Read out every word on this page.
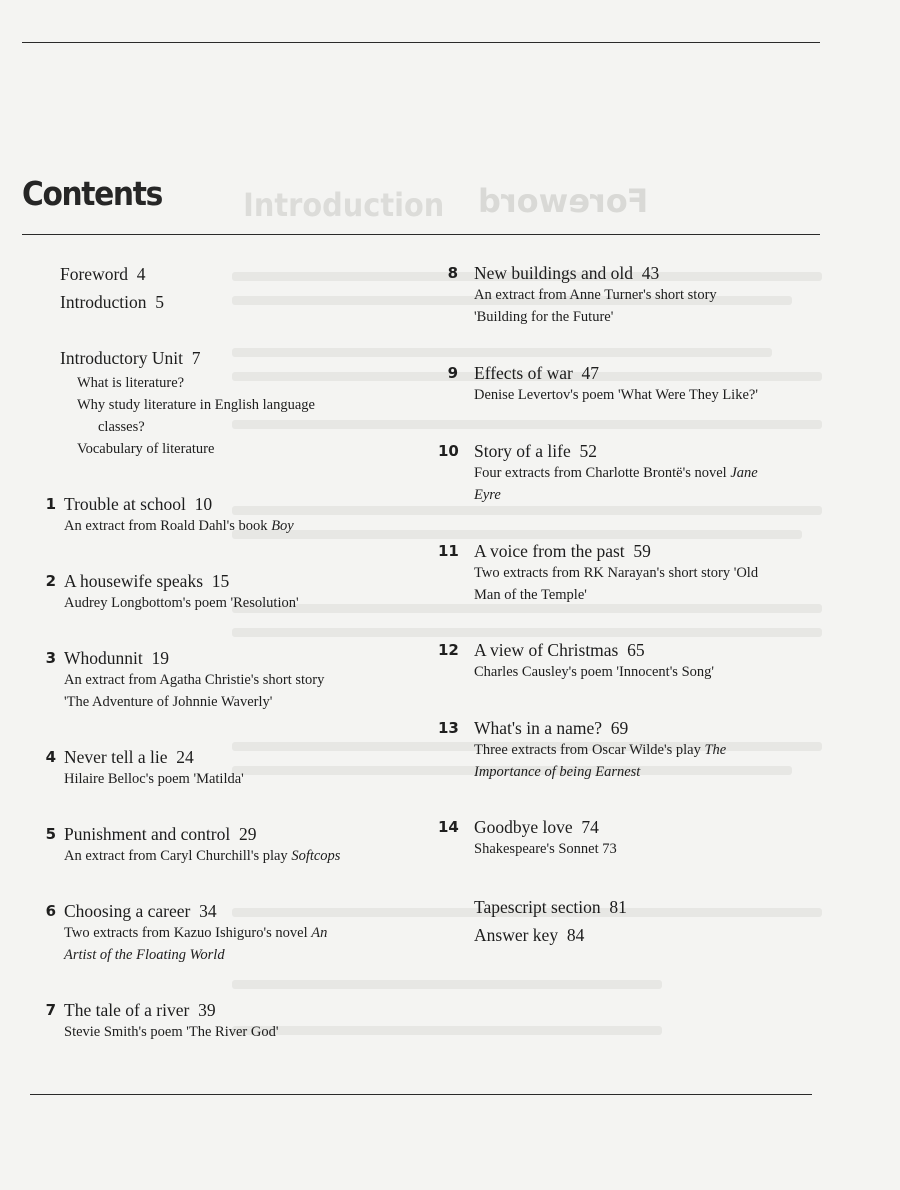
Foreword
Introduction
Contents
Foreword 4
Introduction 5
Introductory Unit 7
What is literature?
Why study literature in English language
classes?
Vocabulary of literature
1 Trouble at school 10
An extract from Roald Dahl's book Boy
2 A housewife speaks 15
Audrey Longbottom's poem 'Resolution'
3 Whodunnit 19
An extract from Agatha Christie's short story
'The Adventure of Johnnie Waverly'
4 Never tell a lie 24
Hilaire Belloc's poem 'Matilda'
5 Punishment and control 29
An extract from Caryl Churchill's play Softcops
6 Choosing a career 34
Two extracts from Kazuo Ishiguro's novel An
Artist of the Floating World
7 The tale of a river 39
Stevie Smith's poem 'The River God'
8 New buildings and old 43
An extract from Anne Turner's short story
'Building for the Future'
9 Effects of war 47
Denise Levertov's poem 'What Were They Like?'
10 Story of a life 52
Four extracts from Charlotte Brontë's novel Jane
Eyre
11 A voice from the past 59
Two extracts from RK Narayan's short story 'Old
Man of the Temple'
12 A view of Christmas 65
Charles Causley's poem 'Innocent's Song'
13 What's in a name? 69
Three extracts from Oscar Wilde's play The
Importance of being Earnest
14 Goodbye love 74
Shakespeare's Sonnet 73
Tapescript section 81
Answer key 84
